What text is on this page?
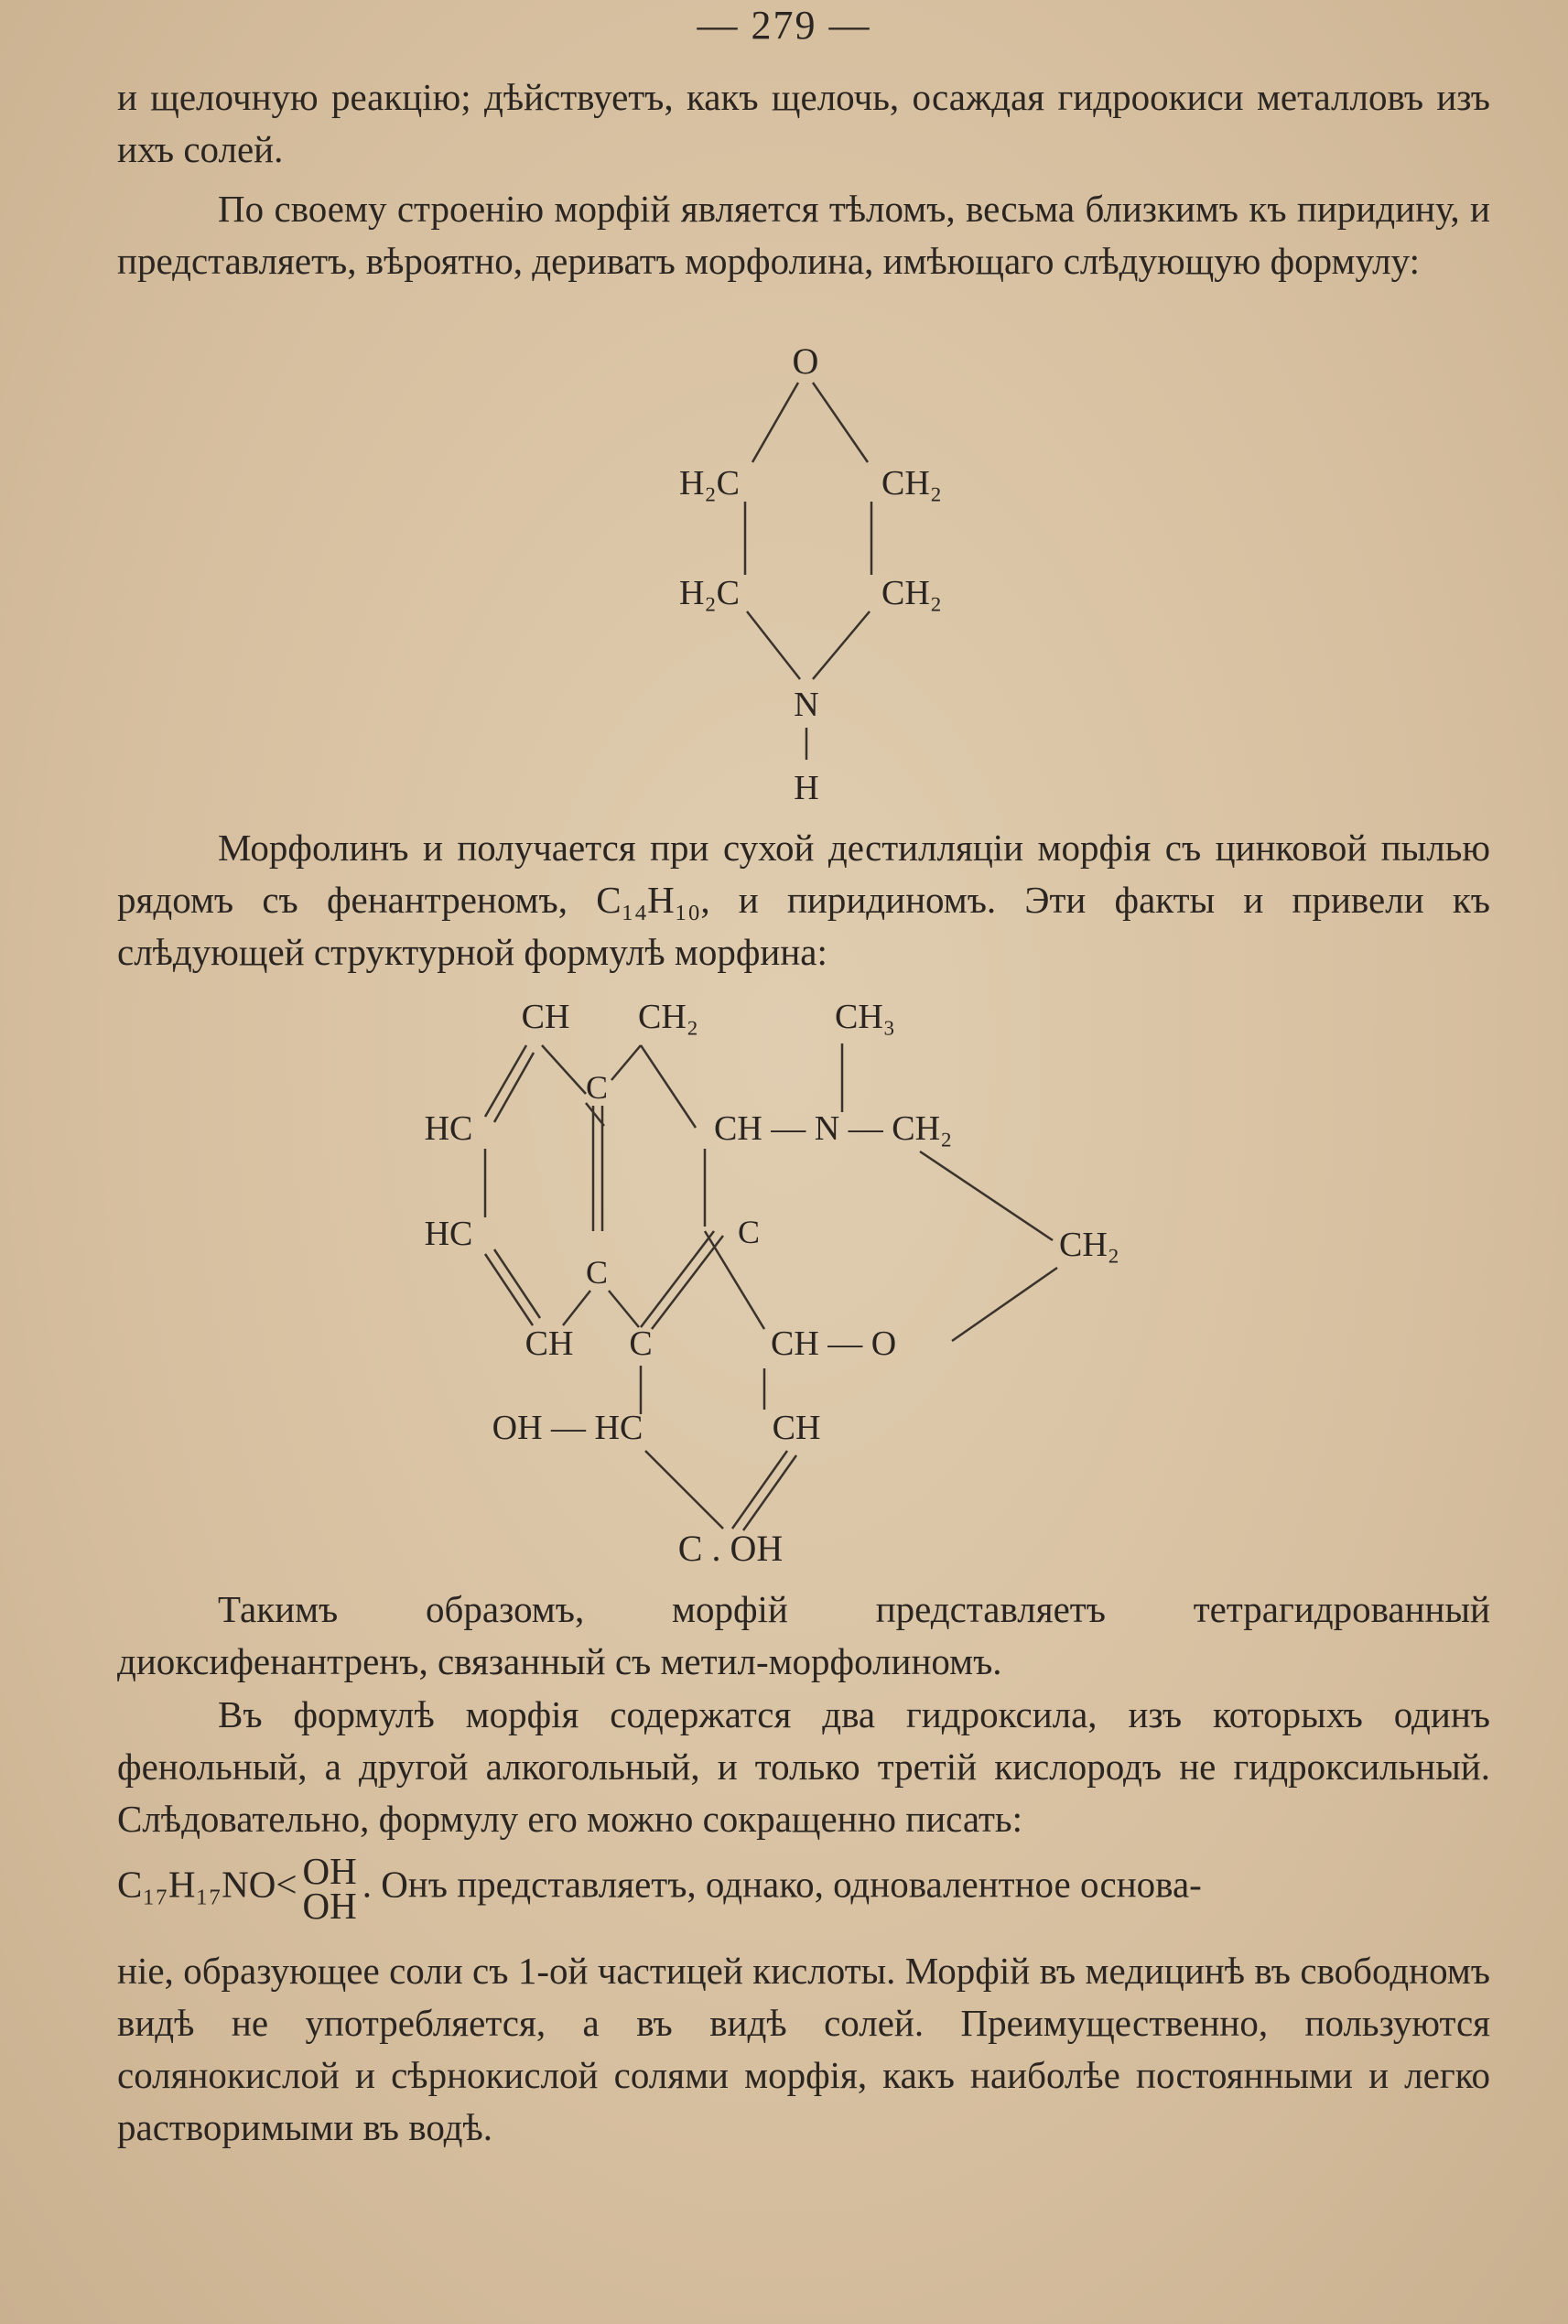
— 279 —
и щелочную реакцію; дѣйствуетъ, какъ щелочь, осаждая гидроокиси металловъ изъ ихъ солей.
По своему строенію морфій является тѣломъ, весьма близкимъ къ пиридину, и представляетъ, вѣроятно, дериватъ морфолина, имѣющаго слѣдующую формулу:
O
H₂C	CH₂
H₂C	CH₂
N
H
Морфолинъ и получается при сухой дестилляціи морфія съ цинковой пылью рядомъ съ фенантреномъ, C₁₄H₁₀, и пиридиномъ. Эти факты и привели къ слѣдующей структурной формулѣ морфина:
CH CH₂	CH₃
C
HC	CH — N — CH₂
HC	C	CH₂
C
CH C	CH — O
OH — HC	CH
C . OH
Такимъ образомъ, морфій представляетъ тетрагидрованный диоксифенантренъ, связанный съ метил-морфолиномъ.
Въ формулѣ морфія содержатся два гидроксила, изъ которыхъ одинъ фенольный, а другой алкогольный, и только третій кислородъ не гидроксильный. Слѣдовательно, формулу его можно сокращенно писать:
C₁₇H₁₇NO< OH
OH
. Онъ представляетъ, однако, одновалентное основа-
ніе, образующее соли съ 1-ой частицей кислоты. Морфій въ медицинѣ въ свободномъ видѣ не употребляется, а въ видѣ солей. Преимущественно, пользуются солянокислой и сѣрнокислой солями морфія, какъ наиболѣе постоянными и легко растворимыми въ водѣ.
